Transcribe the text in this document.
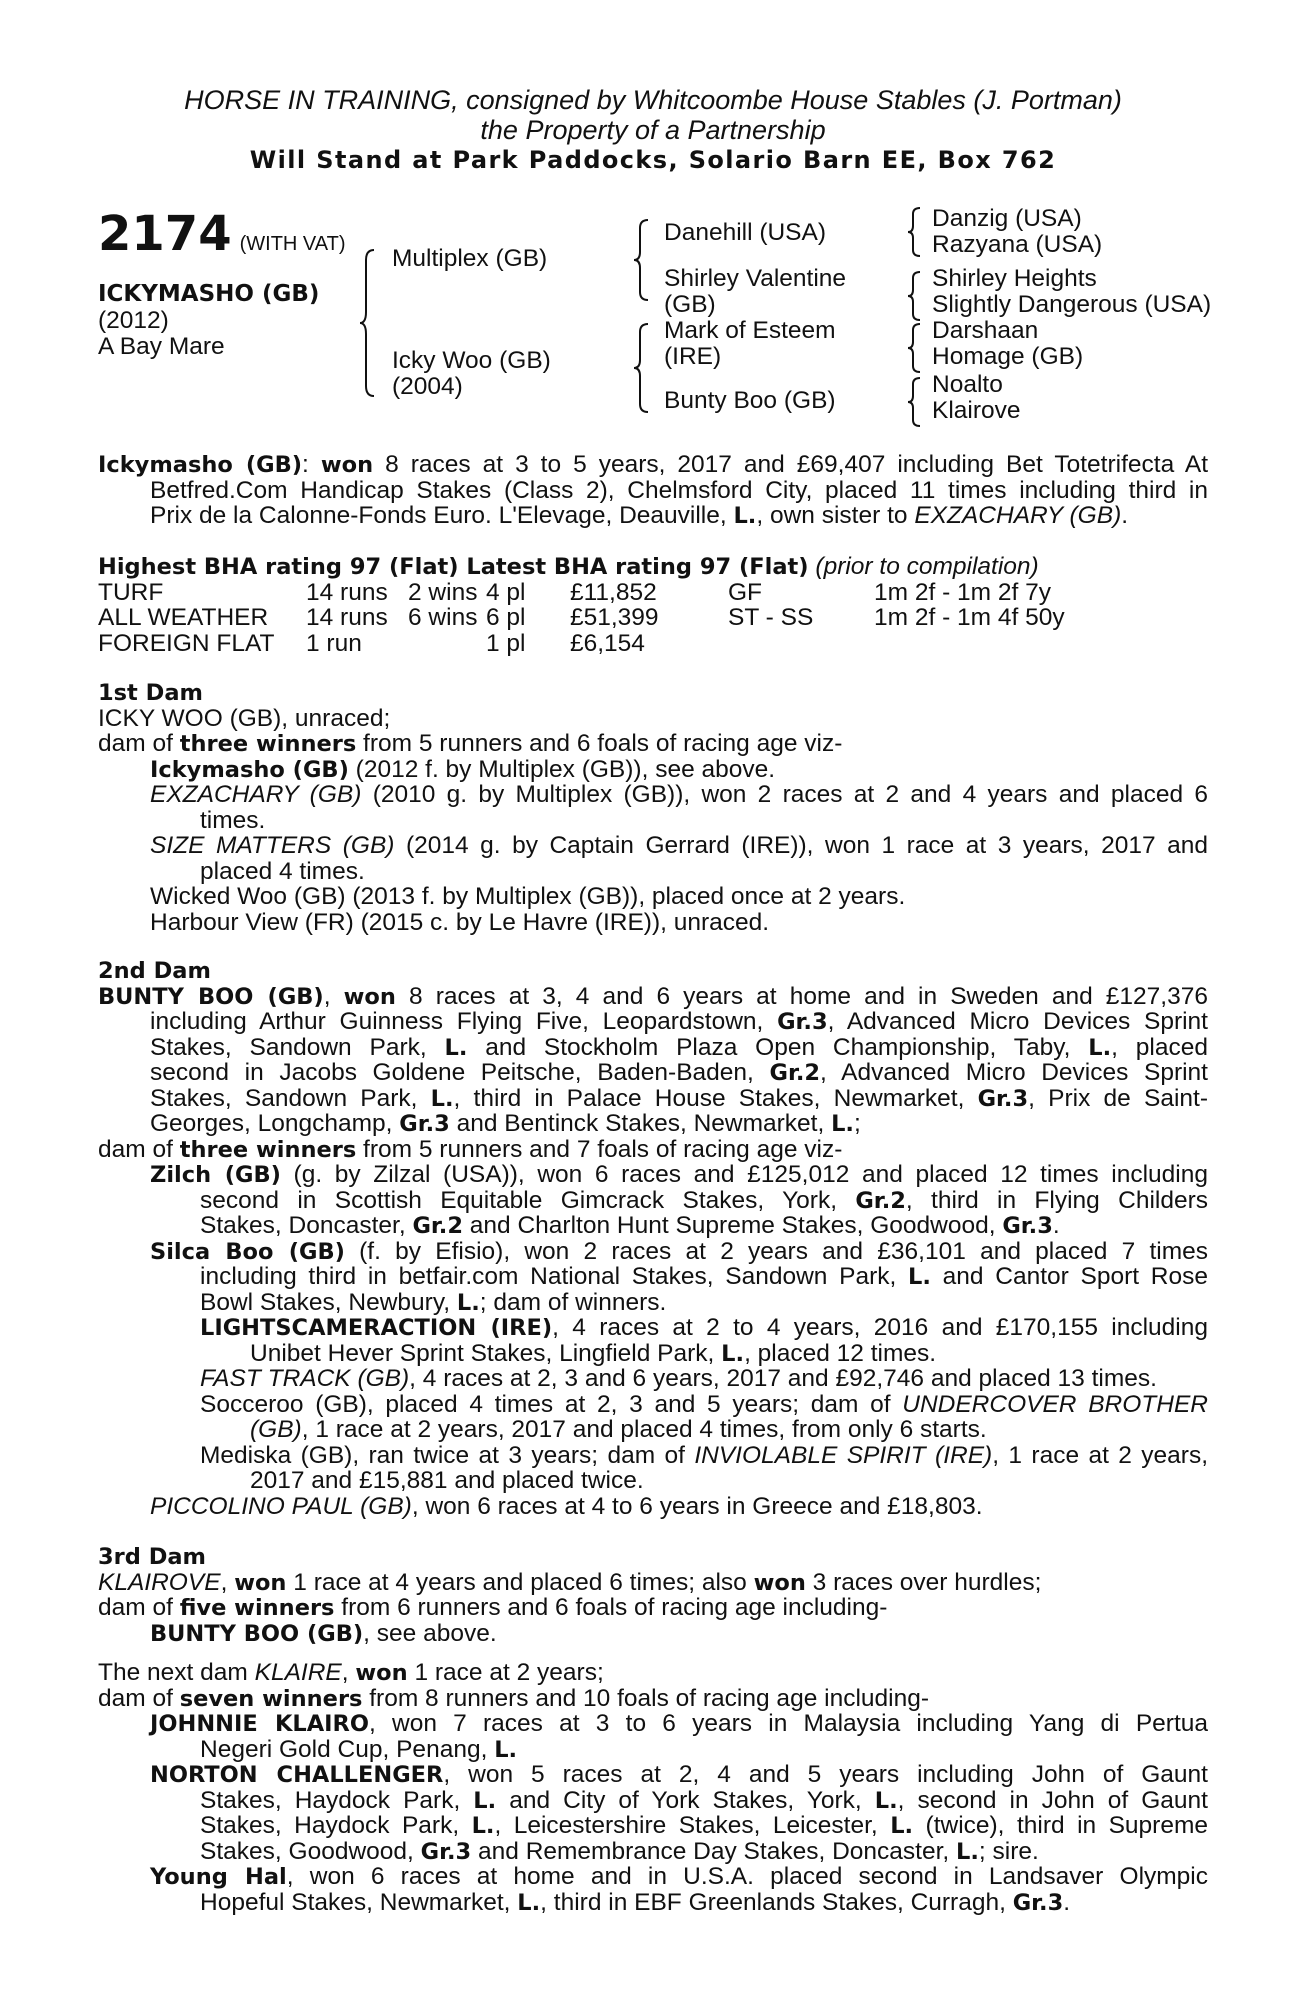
HORSE IN TRAINING, consigned by Whitcoombe House Stables (J. Portman)
the Property of a Partnership
Will Stand at Park Paddocks, Solario Barn EE, Box 762
2174 (WITH VAT)
ICKYMASHO (GB)
(2012)
A Bay Mare
Multiplex (GB)
Icky Woo (GB)
(2004)
Danehill (USA)
Shirley Valentine
(GB)
Mark of Esteem
(IRE)
Bunty Boo (GB)
Danzig (USA)
Razyana (USA)
Shirley Heights
Slightly Dangerous (USA)
Darshaan
Homage (GB)
Noalto
Klairove
Ickymasho (GB): won 8 races at 3 to 5 years, 2017 and £69,407 including Bet Totetrifecta At
Betfred.Com Handicap Stakes (Class 2), Chelmsford City, placed 11 times including third in
Prix de la Calonne-Fonds Euro. L'Elevage, Deauville, L., own sister to EXZACHARY (GB).
Highest BHA rating 97 (Flat) Latest BHA rating 97 (Flat) (prior to compilation)
TURF	14 runs	2 wins	4 pl	£11,852	GF	1m 2f - 1m 2f 7y
ALL WEATHER	14 runs	6 wins	6 pl	£51,399	ST - SS	1m 2f - 1m 4f 50y
FOREIGN FLAT	1 run		1 pl	£6,154		
1st Dam
ICKY WOO (GB), unraced;
dam of three winners from 5 runners and 6 foals of racing age viz-
Ickymasho (GB) (2012 f. by Multiplex (GB)), see above.
EXZACHARY (GB) (2010 g. by Multiplex (GB)), won 2 races at 2 and 4 years and placed 6
times.
SIZE MATTERS (GB) (2014 g. by Captain Gerrard (IRE)), won 1 race at 3 years, 2017 and
placed 4 times.
Wicked Woo (GB) (2013 f. by Multiplex (GB)), placed once at 2 years.
Harbour View (FR) (2015 c. by Le Havre (IRE)), unraced.
2nd Dam
BUNTY BOO (GB), won 8 races at 3, 4 and 6 years at home and in Sweden and £127,376
including Arthur Guinness Flying Five, Leopardstown, Gr.3, Advanced Micro Devices Sprint
Stakes, Sandown Park, L. and Stockholm Plaza Open Championship, Taby, L., placed
second in Jacobs Goldene Peitsche, Baden-Baden, Gr.2, Advanced Micro Devices Sprint
Stakes, Sandown Park, L., third in Palace House Stakes, Newmarket, Gr.3, Prix de Saint-
Georges, Longchamp, Gr.3 and Bentinck Stakes, Newmarket, L.;
dam of three winners from 5 runners and 7 foals of racing age viz-
Zilch (GB) (g. by Zilzal (USA)), won 6 races and £125,012 and placed 12 times including
second in Scottish Equitable Gimcrack Stakes, York, Gr.2, third in Flying Childers
Stakes, Doncaster, Gr.2 and Charlton Hunt Supreme Stakes, Goodwood, Gr.3.
Silca Boo (GB) (f. by Efisio), won 2 races at 2 years and £36,101 and placed 7 times
including third in betfair.com National Stakes, Sandown Park, L. and Cantor Sport Rose
Bowl Stakes, Newbury, L.; dam of winners.
LIGHTSCAMERACTION (IRE), 4 races at 2 to 4 years, 2016 and £170,155 including
Unibet Hever Sprint Stakes, Lingfield Park, L., placed 12 times.
FAST TRACK (GB), 4 races at 2, 3 and 6 years, 2017 and £92,746 and placed 13 times.
Socceroo (GB), placed 4 times at 2, 3 and 5 years; dam of UNDERCOVER BROTHER
(GB), 1 race at 2 years, 2017 and placed 4 times, from only 6 starts.
Mediska (GB), ran twice at 3 years; dam of INVIOLABLE SPIRIT (IRE), 1 race at 2 years,
2017 and £15,881 and placed twice.
PICCOLINO PAUL (GB), won 6 races at 4 to 6 years in Greece and £18,803.
3rd Dam
KLAIROVE, won 1 race at 4 years and placed 6 times; also won 3 races over hurdles;
dam of five winners from 6 runners and 6 foals of racing age including-
BUNTY BOO (GB), see above.
The next dam KLAIRE, won 1 race at 2 years;
dam of seven winners from 8 runners and 10 foals of racing age including-
JOHNNIE KLAIRO, won 7 races at 3 to 6 years in Malaysia including Yang di Pertua
Negeri Gold Cup, Penang, L.
NORTON CHALLENGER, won 5 races at 2, 4 and 5 years including John of Gaunt
Stakes, Haydock Park, L. and City of York Stakes, York, L., second in John of Gaunt
Stakes, Haydock Park, L., Leicestershire Stakes, Leicester, L. (twice), third in Supreme
Stakes, Goodwood, Gr.3 and Remembrance Day Stakes, Doncaster, L.; sire.
Young Hal, won 6 races at home and in U.S.A. placed second in Landsaver Olympic
Hopeful Stakes, Newmarket, L., third in EBF Greenlands Stakes, Curragh, Gr.3.
